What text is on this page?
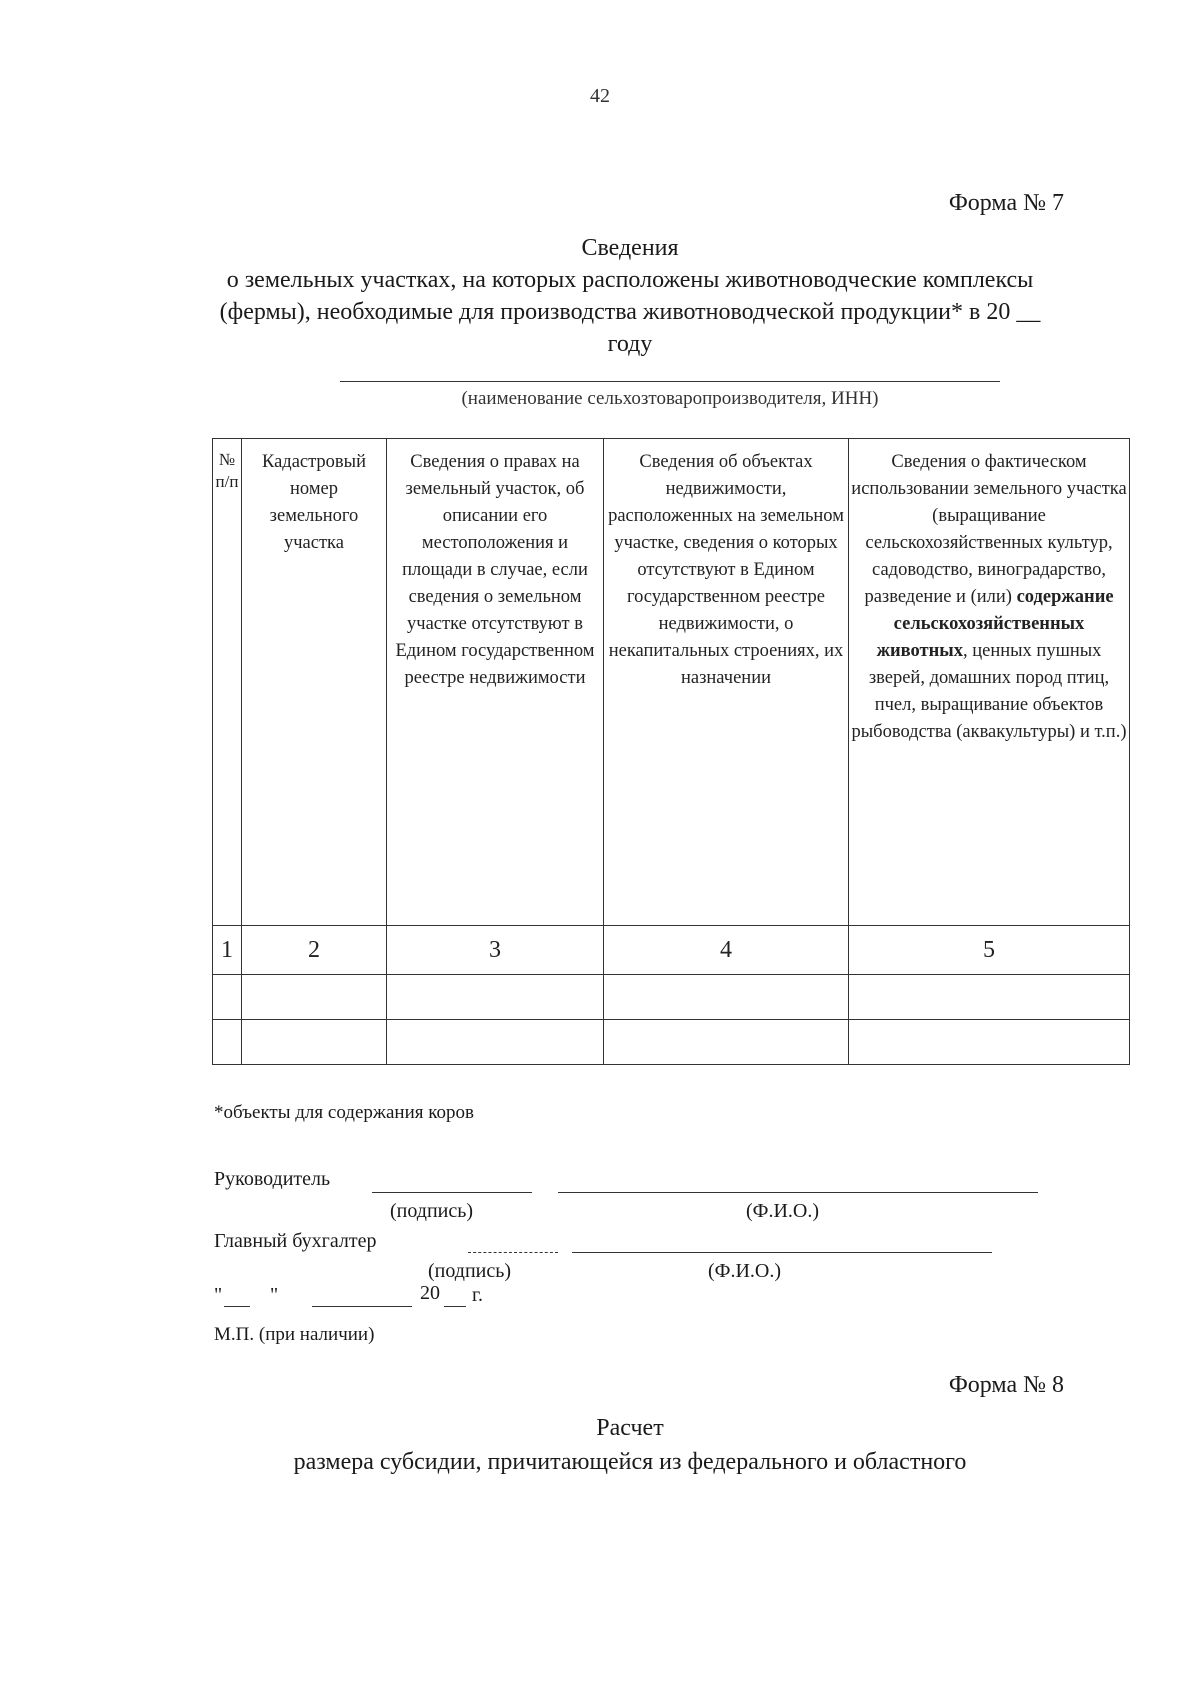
42
Форма № 7
Сведения
о земельных участках, на которых расположены животноводческие комплексы (фермы), необходимые для производства животноводческой продукции* в 20 __ году
(наименование сельхозтоваропроизводителя, ИНН)
№ п/п	Кадастровый номер земельного участка	Сведения о правах на земельный участок, об описании его местоположения и площади в случае, если сведения о земельном участке отсутствуют в Едином государственном реестре недвижимости	Сведения об объектах недвижимости, расположенных на земельном участке, сведения о которых отсутствуют в Едином государственном реестре недвижимости, о некапитальных строениях, их назначении	Сведения о фактическом использовании земельного участка (выращивание сельскохозяйственных культур, садоводство, виноградарство, разведение и (или) содержание сельскохозяйственных животных, ценных пушных зверей, домашних пород птиц, пчел, выращивание объектов рыбоводства (аквакультуры) и т.п.)
1	2	3	4	5

*объекты для содержания коров
Руководитель
(подпись)	(Ф.И.О.)
Главный бухгалтер
(подпись)	(Ф.И.О.)
" "	20 г.
М.П. (при наличии)
Форма № 8
Расчет
размера субсидии, причитающейся из федерального и областного
